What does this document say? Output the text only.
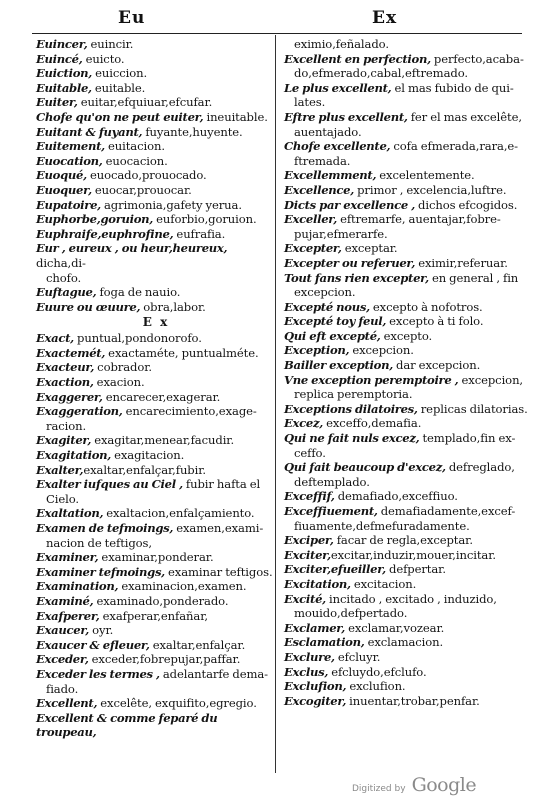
Eu	Ex
Euincer, euincir.
Euincé, euicto.
Euiction, euiccion.
Euitable, euitable.
Euiter, euitar,efquiuar,efcufar.
Chofe qu'on ne peut euiter, ineuitable.
Euitant & fuyant, fuyante,huyente.
Euitement, euitacion.
Euocation, euocacion.
Euoqué, euocado,prouocado.
Euoquer, euocar,prouocar.
Eupatoire, agrimonia,gafety yerua.
Euphorbe,goruion, euforbio,goruion.
Euphraife,euphrofine, eufrafia.
Eur , eureux , ou heur,heureux, dicha,di-
chofo.
Euftague, foga de nauio.
Euure ou œuure, obra,labor.
E x
Exact, puntual,pondonorofo.
Exactemét, exactaméte, puntualméte.
Exacteur, cobrador.
Exaction, exacion.
Exaggerer, encarecer,exagerar.
Exaggeration, encarecimiento,exage-
racion.
Exagiter, exagitar,menear,facudir.
Exagitation, exagitacion.
Exalter,exaltar,enfalçar,fubir.
Exalter iufques au Ciel , fubir hafta el
Cielo.
Exaltation, exaltacion,enfalçamiento.
Examen de tefmoings, examen,exami-
nacion de teftigos,
Examiner, examinar,ponderar.
Examiner tefmoings, examinar teftigos.
Examination, examinacion,examen.
Examiné, examinado,ponderado.
Exafperer, exafperar,enfañar,
Exaucer, oyr.
Exaucer & efleuer, exaltar,enfalçar.
Exceder, exceder,fobrepujar,paffar.
Exceder les termes , adelantarfe dema-
fiado.
Excellent, excelête, exquifito,egregio.
Excellent & comme feparé du troupeau,
eximio,feñalado.
Excellent en perfection, perfecto,acaba-
do,efmerado,cabal,eftremado.
Le plus excellent, el mas fubido de qui-
lates.
Eftre plus excellent, fer el mas excelête,
auentajado.
Chofe excellente, cofa efmerada,rara,e-
ftremada.
Excellemment, excelentemente.
Excellence, primor , excelencia,luftre.
Dicts par excellence , dichos efcogidos.
Exceller, eftremarfe, auentajar,fobre-
pujar,efmerarfe.
Excepter, exceptar.
Excepter ou referuer, eximir,referuar.
Tout fans rien excepter, en general , fin
excepcion.
Excepté nous, excepto à nofotros.
Excepté toy feul, excepto à ti folo.
Qui eft excepté, excepto.
Exception, excepcion.
Bailler exception, dar excepcion.
Vne exception peremptoire , excepcion,
replica peremptoria.
Exceptions dilatoires, replicas dilatorias.
Excez, exceffo,demafia.
Qui ne fait nuls excez, templado,fin ex-
ceffo.
Qui fait beaucoup d'excez, defreglado,
deftemplado.
Exceffif, demafiado,exceffiuo.
Exceffiuement, demafiadamente,excef-
fiuamente,defmefuradamente.
Exciper, facar de regla,exceptar.
Exciter,excitar,induzir,mouer,incitar.
Exciter,efueiller, defpertar.
Excitation, excitacion.
Excité, incitado , excitado , induzido,
mouido,defpertado.
Exclamer, exclamar,vozear.
Esclamation, exclamacion.
Exclure, efcluyr.
Exclus, efcluydo,efclufo.
Exclufion, exclufion.
Excogiter, inuentar,trobar,penfar.
Digitized by Google
